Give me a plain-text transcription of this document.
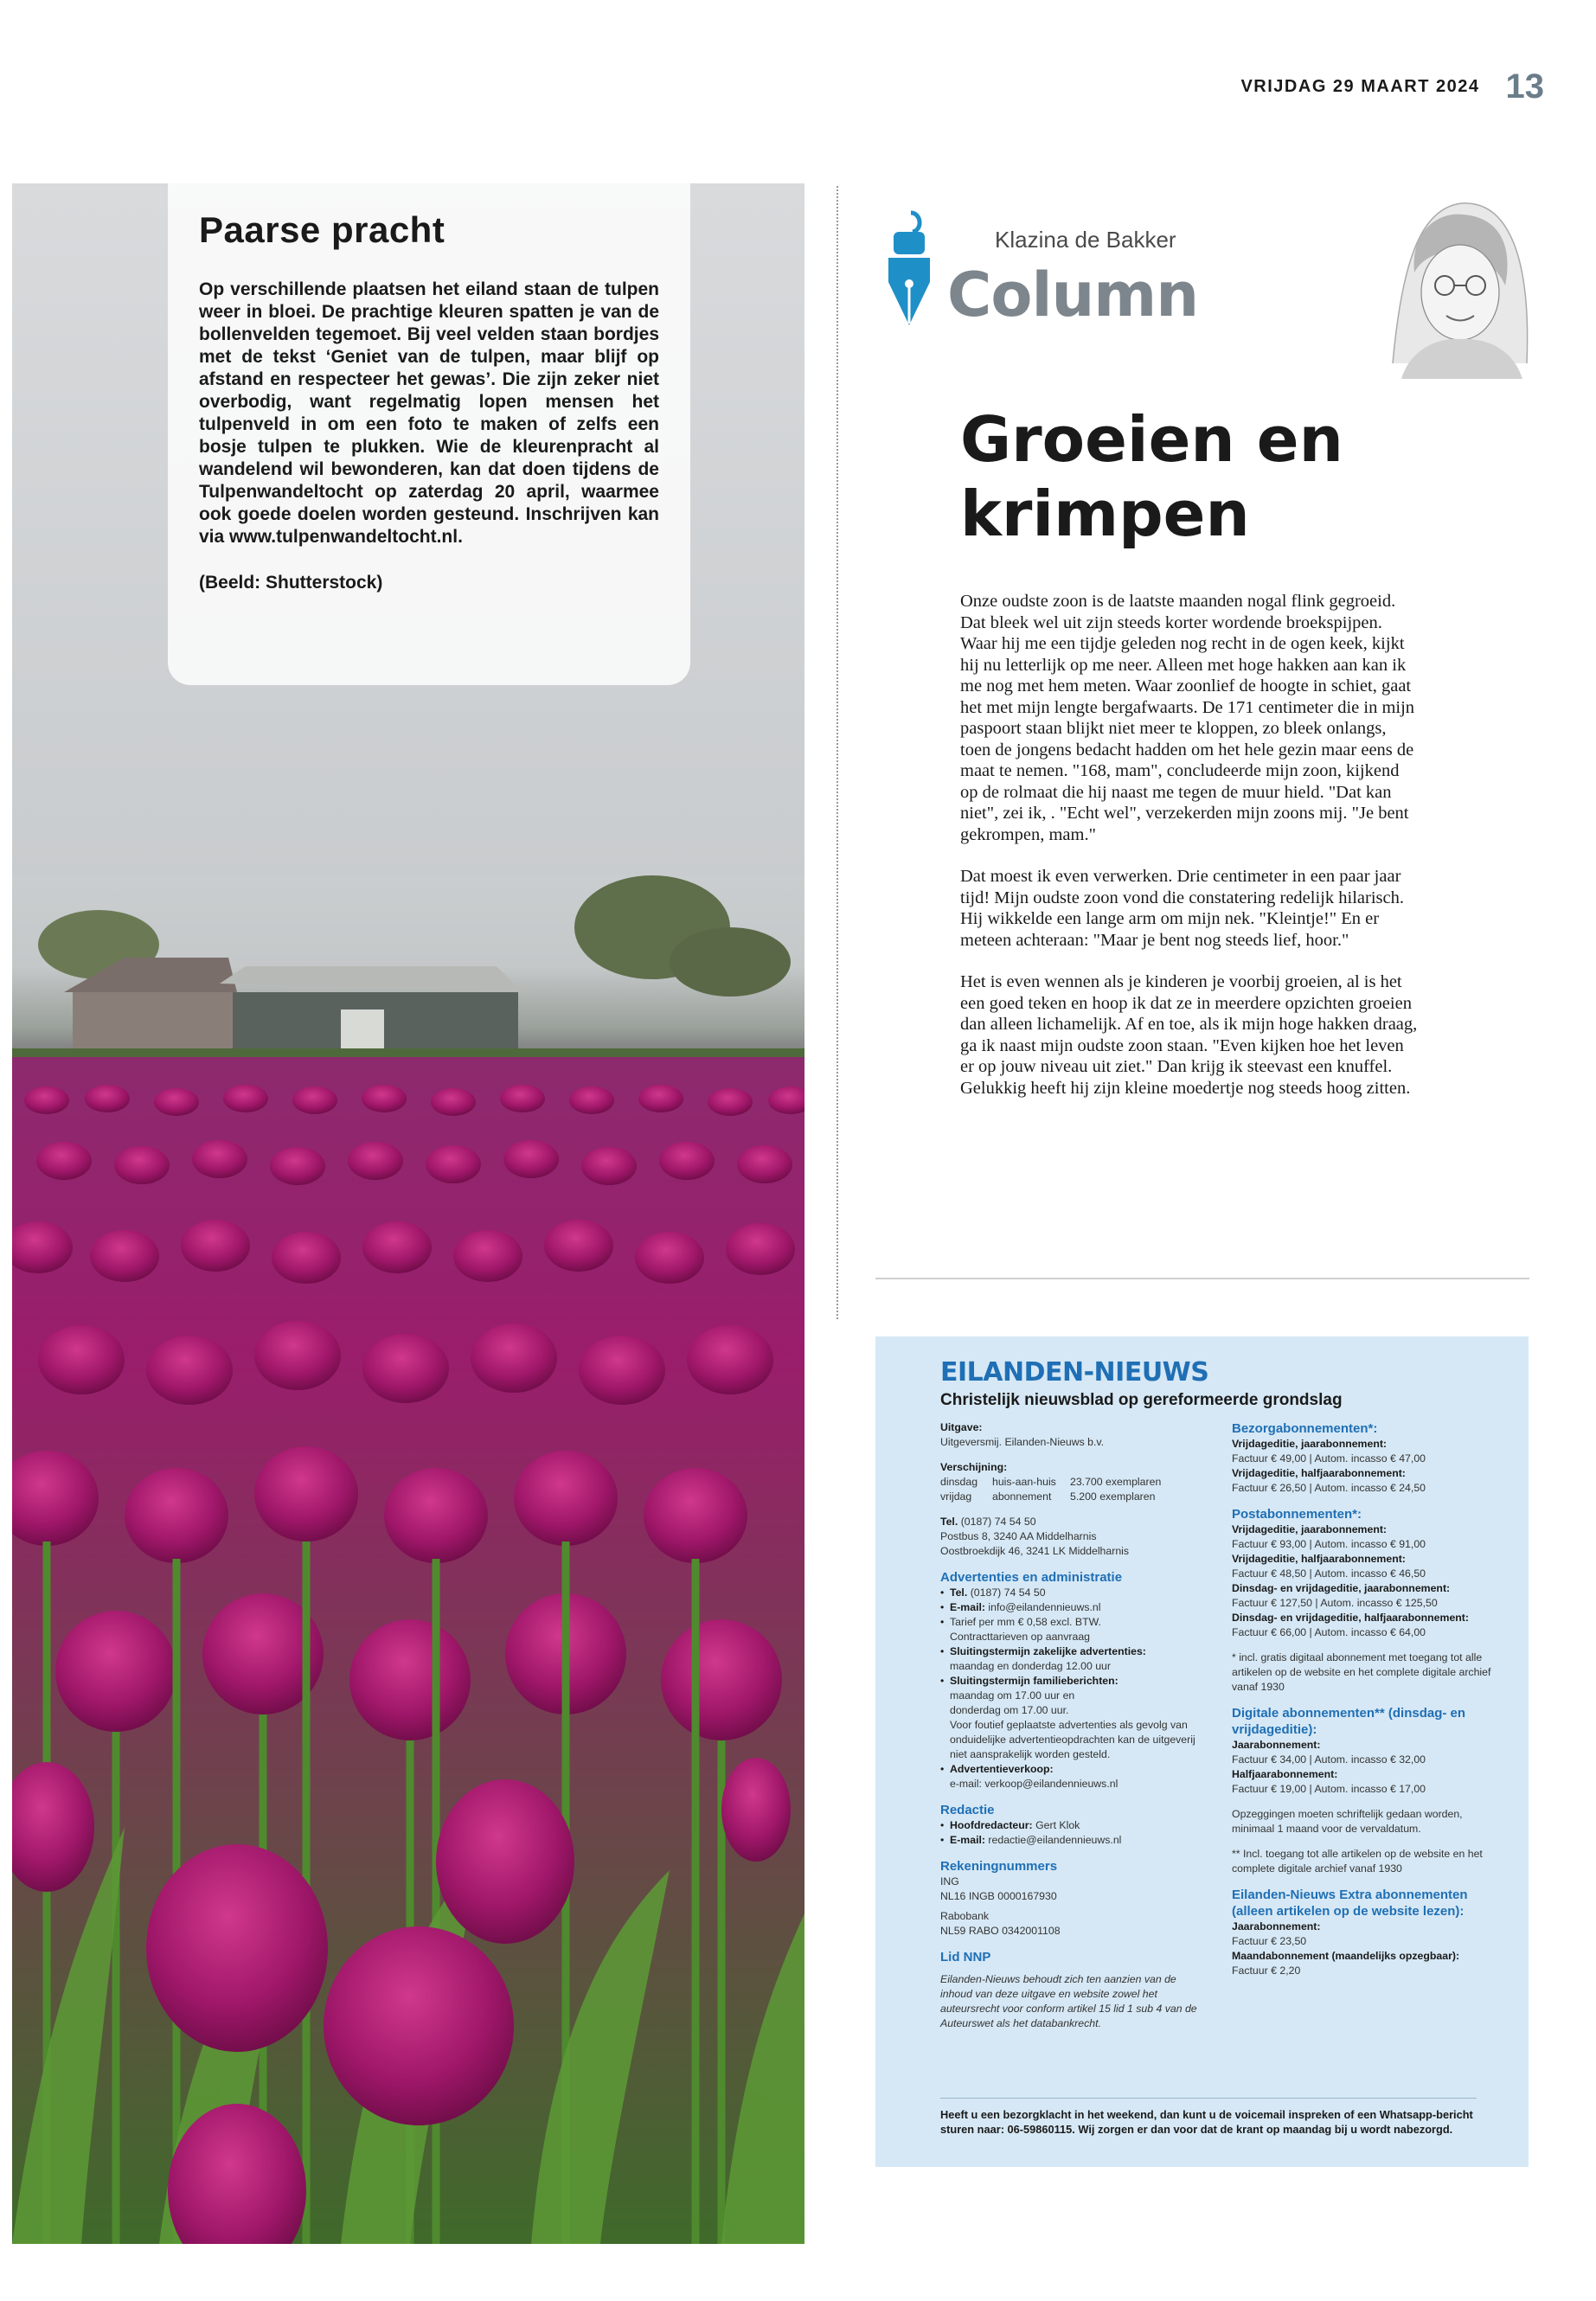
VRIJDAG 29 MAART 2024 13
Paarse pracht
Op verschillende plaatsen het eiland staan de tulpen weer in bloei. De prachtige kleuren spatten je van de bollenvelden tegemoet. Bij veel velden staan bordjes met de tekst ‘Geniet van de tulpen, maar blijf op afstand en respecteer het gewas’. Die zijn zeker niet overbodig, want regelmatig lopen mensen het tulpenveld in om een foto te maken of zelfs een bosje tulpen te plukken. Wie de kleurenpracht al wandelend wil bewonderen, kan dat doen tijdens de Tulpenwandeltocht op zaterdag 20 april, waarmee ook goede doelen worden gesteund. Inschrijven kan via www.tulpenwandeltocht.nl.
(Beeld: Shutterstock)
Klazina de Bakker
Column
Groeien en krimpen

Onze oudste zoon is de laatste maanden nogal flink gegroeid. Dat bleek wel uit zijn steeds korter wordende broekspijpen. Waar hij me een tijdje geleden nog recht in de ogen keek, kijkt hij nu letterlijk op me neer. Alleen met hoge hakken aan kan ik me nog met hem meten. Waar zoonlief de hoogte in schiet, gaat het met mijn lengte bergafwaarts. De 171 centimeter die in mijn paspoort staan blijkt niet meer te kloppen, zo bleek onlangs, toen de jongens bedacht hadden om het hele gezin maar eens de maat te nemen. "168, mam", concludeerde mijn zoon, kijkend op de rolmaat die hij naast me tegen de muur hield. "Dat kan niet", zei ik, . "Echt wel", verzekerden mijn zoons mij. "Je bent gekrompen, mam."

Dat moest ik even verwerken. Drie centimeter in een paar jaar tijd! Mijn oudste zoon vond die constatering redelijk hilarisch. Hij wikkelde een lange arm om mijn nek. "Kleintje!" En er meteen achteraan: "Maar je bent nog steeds lief, hoor."

Het is even wennen als je kinderen je voorbij groeien, al is het een goed teken en hoop ik dat ze in meerdere opzichten groeien dan alleen lichamelijk. Af en toe, als ik mijn hoge hakken draag, ga ik naast mijn oudste zoon staan. "Even kijken hoe het leven er op jouw niveau uit ziet." Dan krijg ik steevast een knuffel. Gelukkig heeft hij zijn kleine moedertje nog steeds hoog zitten.

EILANDEN-NIEUWS
Christelijk nieuwsblad op gereformeerde grondslag
Uitgave:
Uitgeversmij. Eilanden-Nieuws b.v.
Verschijning:
dinsdag	huis-aan-huis	23.700 exemplaren
vrijdag	abonnement	5.200 exemplaren
Tel. (0187) 74 54 50
Postbus 8, 3240 AA Middelharnis
Oostbroekdijk 46, 3241 LK Middelharnis
Advertenties en administratie
• Tel. (0187) 74 54 50
• E-mail: info@eilandennieuws.nl
• Tarief per mm € 0,58 excl. BTW.
Contracttarieven op aanvraag
• Sluitingstermijn zakelijke advertenties:
maandag en donderdag 12.00 uur
• Sluitingstermijn familieberichten:
maandag om 17.00 uur en
donderdag om 17.00 uur.
Voor foutief geplaatste advertenties als gevolg van onduidelijke advertentieopdrachten kan de uitgeverij niet aansprakelijk worden gesteld.
• Advertentieverkoop:
e-mail: verkoop@eilandennieuws.nl
Redactie
• Hoofdredacteur: Gert Klok
• E-mail: redactie@eilandennieuws.nl
Rekeningnummers
ING
NL16 INGB 0000167930
Rabobank
NL59 RABO 0342001108
Lid NNP
Eilanden-Nieuws behoudt zich ten aanzien van de inhoud van deze uitgave en website zowel het auteursrecht voor conform artikel 15 lid 1 sub 4 van de Auteurswet als het databankrecht.
Bezorgabonnementen*:
Vrijdageditie, jaarabonnement:
Factuur € 49,00 | Autom. incasso € 47,00
Vrijdageditie, halfjaarabonnement:
Factuur € 26,50 | Autom. incasso € 24,50
Postabonnementen*:
Vrijdageditie, jaarabonnement:
Factuur € 93,00 | Autom. incasso € 91,00
Vrijdageditie, halfjaarabonnement:
Factuur € 48,50 | Autom. incasso € 46,50
Dinsdag- en vrijdageditie, jaarabonnement:
Factuur € 127,50 | Autom. incasso € 125,50
Dinsdag- en vrijdageditie, halfjaarabonnement:
Factuur € 66,00 | Autom. incasso € 64,00
* incl. gratis digitaal abonnement met toegang tot alle artikelen op de website en het complete digitale archief vanaf 1930
Digitale abonnementen** (dinsdag- en vrijdageditie):
Jaarabonnement:
Factuur € 34,00 | Autom. incasso € 32,00
Halfjaarabonnement:
Factuur € 19,00 | Autom. incasso € 17,00
Opzeggingen moeten schriftelijk gedaan worden, minimaal 1 maand voor de vervaldatum.
** Incl. toegang tot alle artikelen op de website en het complete digitale archief vanaf 1930
Eilanden-Nieuws Extra abonnementen (alleen artikelen op de website lezen):
Jaarabonnement:
Factuur € 23,50
Maandabonnement (maandelijks opzegbaar):
Factuur € 2,20
Heeft u een bezorgklacht in het weekend, dan kunt u de voicemail inspreken of een Whatsapp-bericht sturen naar: 06-59860115. Wij zorgen er dan voor dat de krant op maandag bij u wordt nabezorgd.
